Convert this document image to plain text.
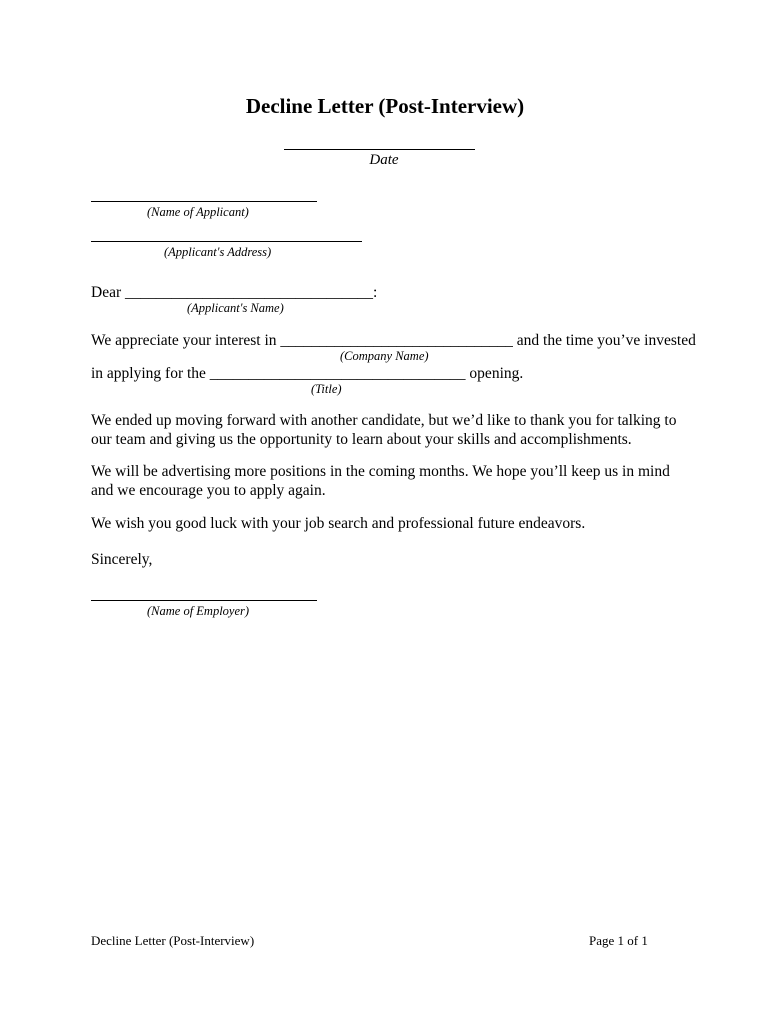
Decline Letter (Post-Interview)
Date
(Name of Applicant)
(Applicant's Address)
Dear ________________________________:
(Applicant's Name)
We appreciate your interest in ______________________________ and the time you’ve invested
(Company Name)
in applying for the _________________________________ opening.
(Title)
We ended up moving forward with another candidate, but we’d like to thank you for talking to our team and giving us the opportunity to learn about your skills and accomplishments.
We will be advertising more positions in the coming months. We hope you’ll keep us in mind and we encourage you to apply again.
We wish you good luck with your job search and professional future endeavors.
Sincerely,
(Name of Employer)
Decline Letter (Post-Interview)	Page 1 of 1
